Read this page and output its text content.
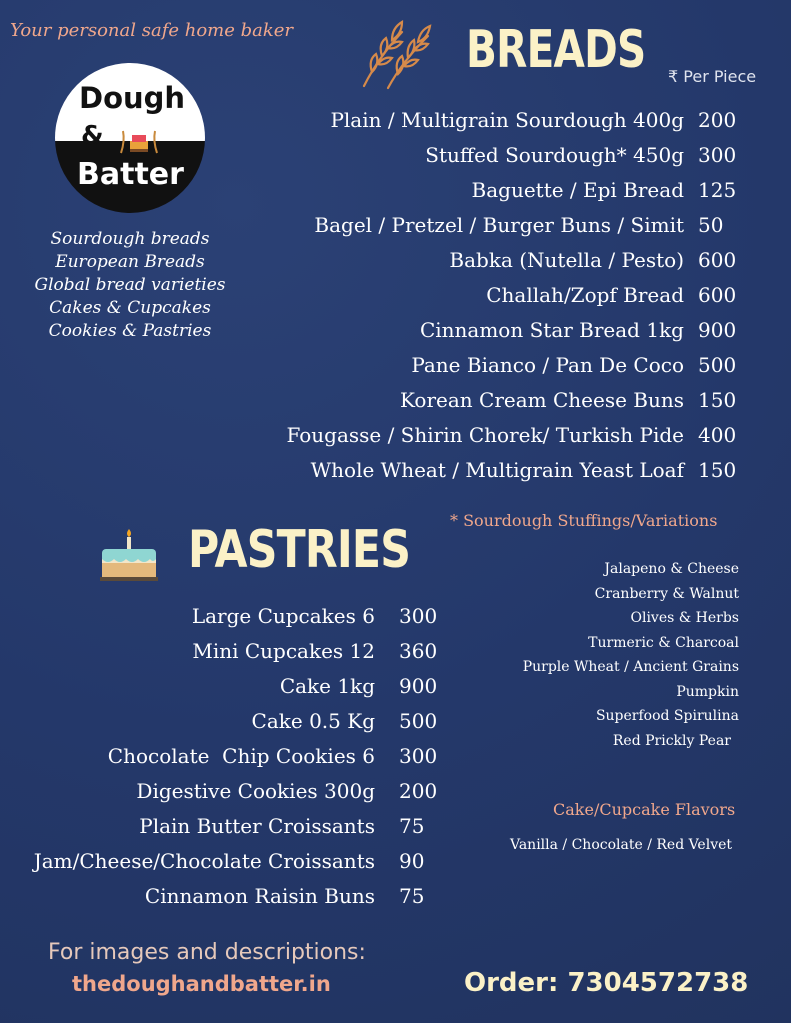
Your personal safe home baker
Dough
&
Batter
Sourdough breads
European Breads
Global bread varieties
Cakes & Cupcakes
Cookies & Pastries
BREADS ₹ Per Piece
Plain / Multigrain Sourdough 400g 200
Stuffed Sourdough* 450g 300
Baguette / Epi Bread 125
Bagel / Pretzel / Burger Buns / Simit 50
Babka (Nutella / Pesto) 600
Challah/Zopf Bread 600
Cinnamon Star Bread 1kg 900
Pane Bianco / Pan De Coco 500
Korean Cream Cheese Buns 150
Fougasse / Shirin Chorek/ Turkish Pide 400
Whole Wheat / Multigrain Yeast Loaf 150
* Sourdough Stuffings/Variations
Jalapeno & Cheese
Cranberry & Walnut
Olives & Herbs
Turmeric & Charcoal
Purple Wheat / Ancient Grains
Pumpkin
Superfood Spirulina
Red Prickly Pear
PASTRIES
Large Cupcakes 6 300
Mini Cupcakes 12 360
Cake 1kg 900
Cake 0.5 Kg 500
Chocolate  Chip Cookies 6 300
Digestive Cookies 300g 200
Plain Butter Croissants 75
Jam/Cheese/Chocolate Croissants 90
Cinnamon Raisin Buns 75
Cake/Cupcake Flavors
Vanilla / Chocolate / Red Velvet
For images and descriptions:
thedoughandbatter.in	Order: 7304572738
